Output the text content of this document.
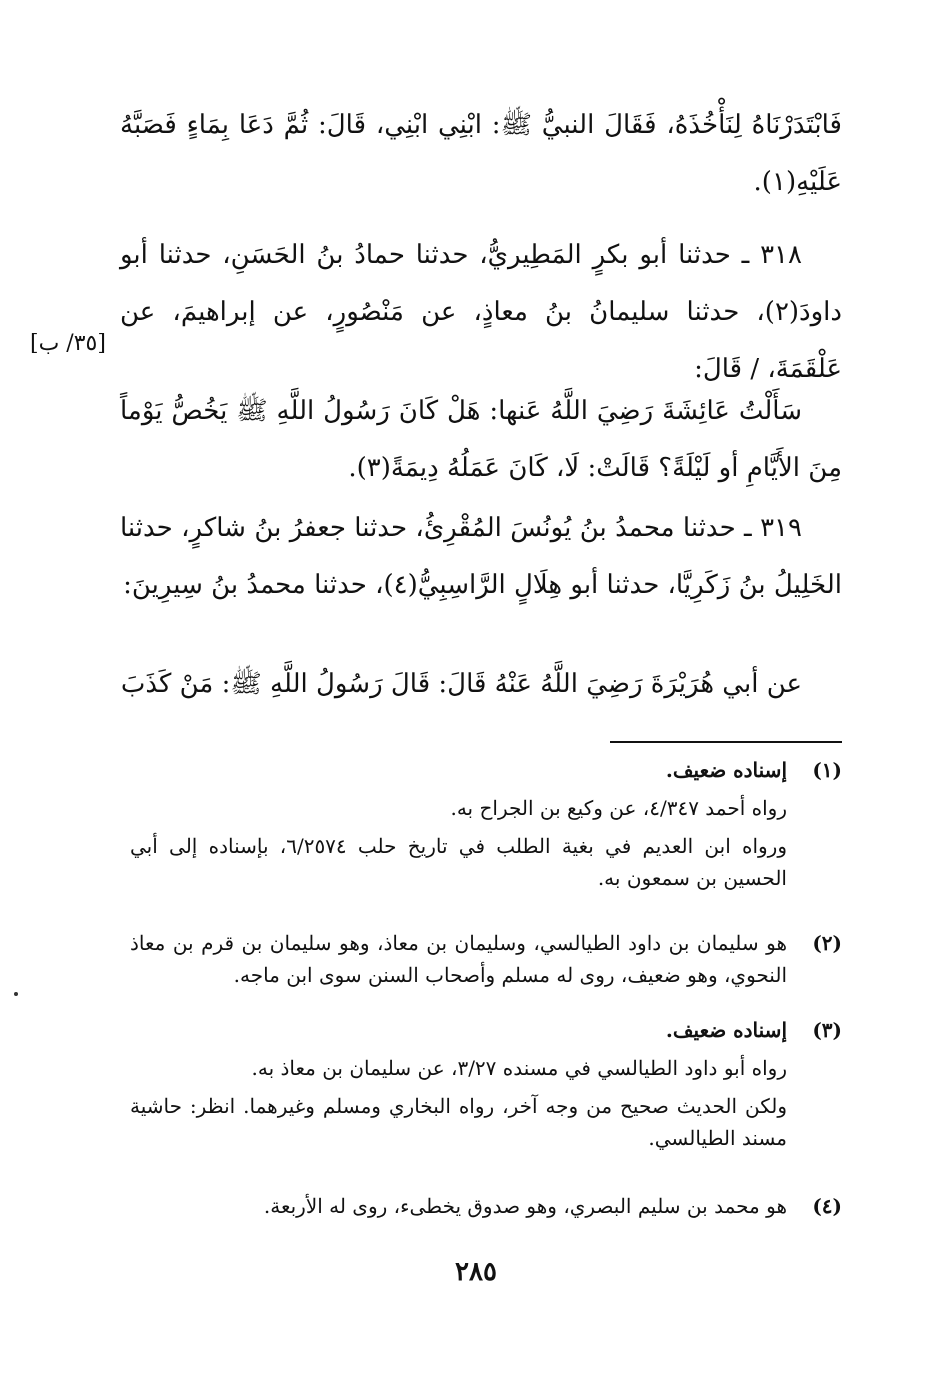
فَابْتَدَرْنَاهُ لِنَأْخُذَهُ، فَقَالَ النبيُّ ﷺ: ابْنِي ابْنِي، قَالَ: ثُمَّ دَعَا بِمَاءٍ فَصَبَّهُ عَلَيْهِ(١).

٣١٨ ـ حدثنا أبو بكرٍ المَطِيريُّ، حدثنا حمادُ بنُ الحَسَنِ، حدثنا أبو داودَ(٢)، حدثنا سليمانُ بنُ معاذٍ، عن مَنْصُورٍ، عن إبراهيمَ، عن عَلْقَمَةَ، / قَالَ:

[٣٥/ ب]

سَأَلْتُ عَائِشَةَ رَضِيَ اللَّهُ عَنها: هَلْ كَانَ رَسُولُ اللَّهِ ﷺ يَخُصُّ يَوْماً مِنَ الأَيَّامِ أو لَيْلَةً؟ قَالَتْ: لَا، كَانَ عَمَلُهُ دِيمَةً(٣).

٣١٩ ـ حدثنا محمدُ بنُ يُونُسَ المُقْرِئُ، حدثنا جعفرُ بنُ شاكرٍ، حدثنا الخَلِيلُ بنُ زَكَرِيَّا، حدثنا أبو هِلَالٍ الرَّاسِبِيُّ(٤)، حدثنا محمدُ بنُ سِيرِينَ:

عن أبي هُرَيْرَةَ رَضِيَ اللَّهُ عَنْهُ قَالَ: قَالَ رَسُولُ اللَّهِ ﷺ: مَنْ كَذَبَ

(١)

إسناده ضعيف.

رواه أحمد ٤/٣٤٧، عن وكيع بن الجراح به.

ورواه ابن العديم في بغية الطلب في تاريخ حلب ٦/٢٥٧٤، بإسناده إلى أبي الحسين بن سمعون به.

(٢)

هو سليمان بن داود الطيالسي، وسليمان بن معاذ، وهو سليمان بن قرم بن معاذ النحوي، وهو ضعيف، روى له مسلم وأصحاب السنن سوى ابن ماجه.

(٣)

إسناده ضعيف.

رواه أبو داود الطيالسي في مسنده ٣/٢٧، عن سليمان بن معاذ به.

ولكن الحديث صحيح من وجه آخر، رواه البخاري ومسلم وغيرهما. انظر: حاشية مسند الطيالسي.

(٤)

هو محمد بن سليم البصري، وهو صدوق يخطىء، روى له الأربعة.

٢٨٥
